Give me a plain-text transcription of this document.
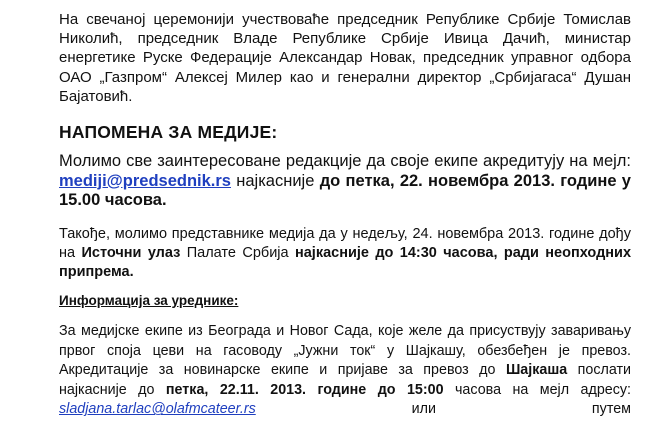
На свечаној церемонији учествоваће председник Републике Србије Томислав Николић, председник Владе Републике Србије Ивица Дачић, министар енергетике Руске Федерације Александар Новак, председник управног одбора ОАО „Газпром“ Алексеј Милер као и генерални директор „Србијагаса“ Душан Бајатовић.

НАПОМЕНА ЗА МЕДИЈЕ:

Молимо све заинтересоване редакције да своје екипе акредитују на мејл: mediji@predsednik.rs најкасније до петка, 22. новембра 2013. године у 15.00 часова.

Такође, молимо представнике медија да у недељу, 24. новембра 2013. године дођу на Источни улаз Палате Србија најкасније до 14:30 часова, ради неопходних припрема.

Информација за уреднике:

За медијске екипе из Београда и Новог Сада, које желе да присуствују заваривању првог споја цеви на гасоводу „Јужни ток“ у Шајкашу, обезбеђен је превоз. Акредитације за новинарске екипе и пријаве за превоз до Шајкаша послати најкасније до петка, 22.11. 2013. године до 15:00 часова на мејл адресу: sladjana.tarlac@olafmcateer.rs или путем
